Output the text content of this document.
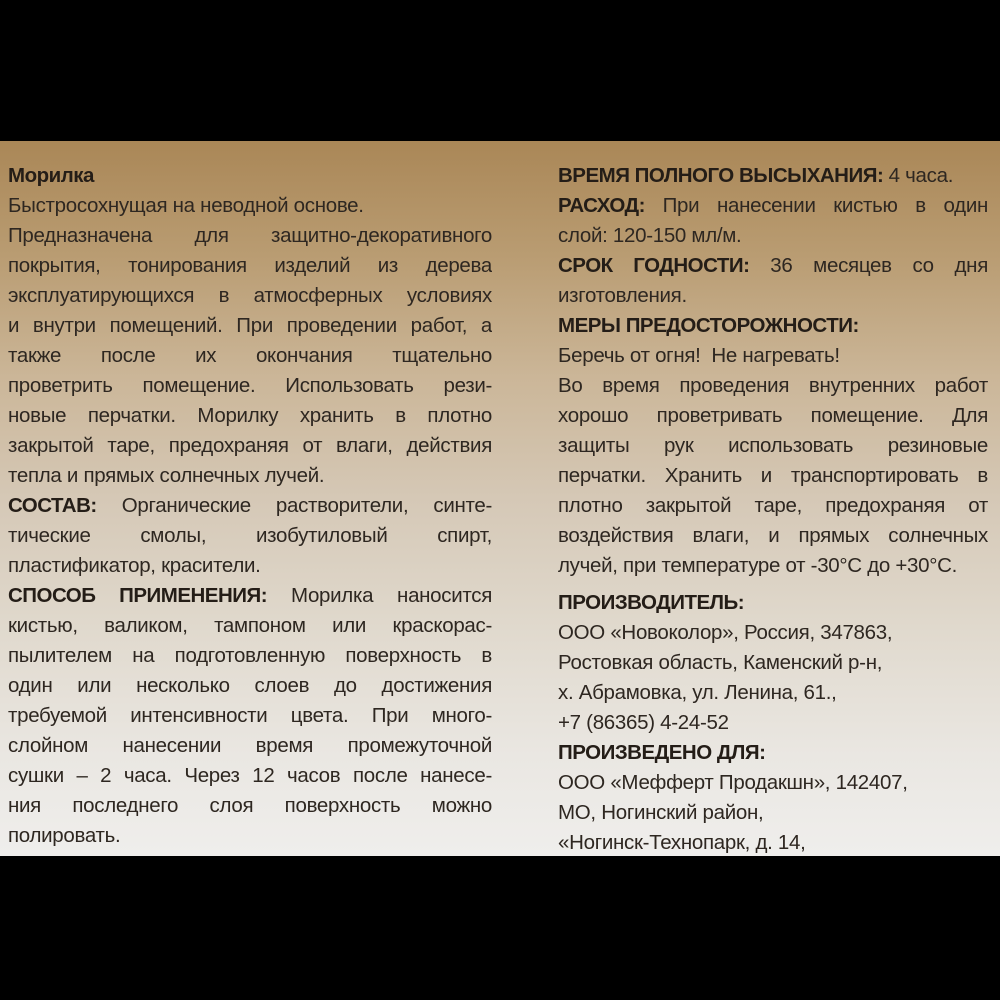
Морилка
Быстросохнущая на неводной основе.
Предназначена для защитно-декоративного
покрытия, тонирования изделий из дерева
эксплуатирующихся в атмосферных условиях
и внутри помещений. При проведении работ, а
также после их окончания тщательно
проветрить помещение. Использовать рези-
новые перчатки. Морилку хранить в плотно
закрытой таре, предохраняя от влаги, действия
тепла и прямых солнечных лучей.
СОСТАВ: Органические растворители, синте-
тические смолы, изобутиловый спирт,
пластификатор, красители.
СПОСОБ ПРИМЕНЕНИЯ: Морилка наносится
кистью, валиком, тампоном или краскорас-
пылителем на подготовленную поверхность в
один или несколько слоев до достижения
требуемой интенсивности цвета. При много-
слойном нанесении время промежуточной
сушки – 2 часа. Через 12 часов после нанесе-
ния последнего слоя поверхность можно
полировать.
ВРЕМЯ ПОЛНОГО ВЫСЫХАНИЯ: 4 часа.
РАСХОД: При нанесении кистью в один
слой: 120-150 мл/м.
СРОК ГОДНОСТИ: 36 месяцев со дня
изготовления.
МЕРЫ ПРЕДОСТОРОЖНОСТИ:
Беречь от огня!  Не нагревать!
Во время проведения внутренних работ
хорошо проветривать помещение. Для
защиты рук использовать резиновые
перчатки. Хранить и транспортировать в
плотно закрытой таре, предохраняя от
воздействия влаги, и прямых солнечных
лучей, при температуре от -30°С до +30°С.
ПРОИЗВОДИТЕЛЬ:
ООО «Новоколор», Россия, 347863,
Ростовкая область, Каменский р-н,
х. Абрамовка, ул. Ленина, 61.,
+7 (86365) 4-24-52
ПРОИЗВЕДЕНО ДЛЯ:
ООО «Мефферт Продакшн», 142407,
МО, Ногинский район,
«Ногинск-Технопарк, д. 14,
